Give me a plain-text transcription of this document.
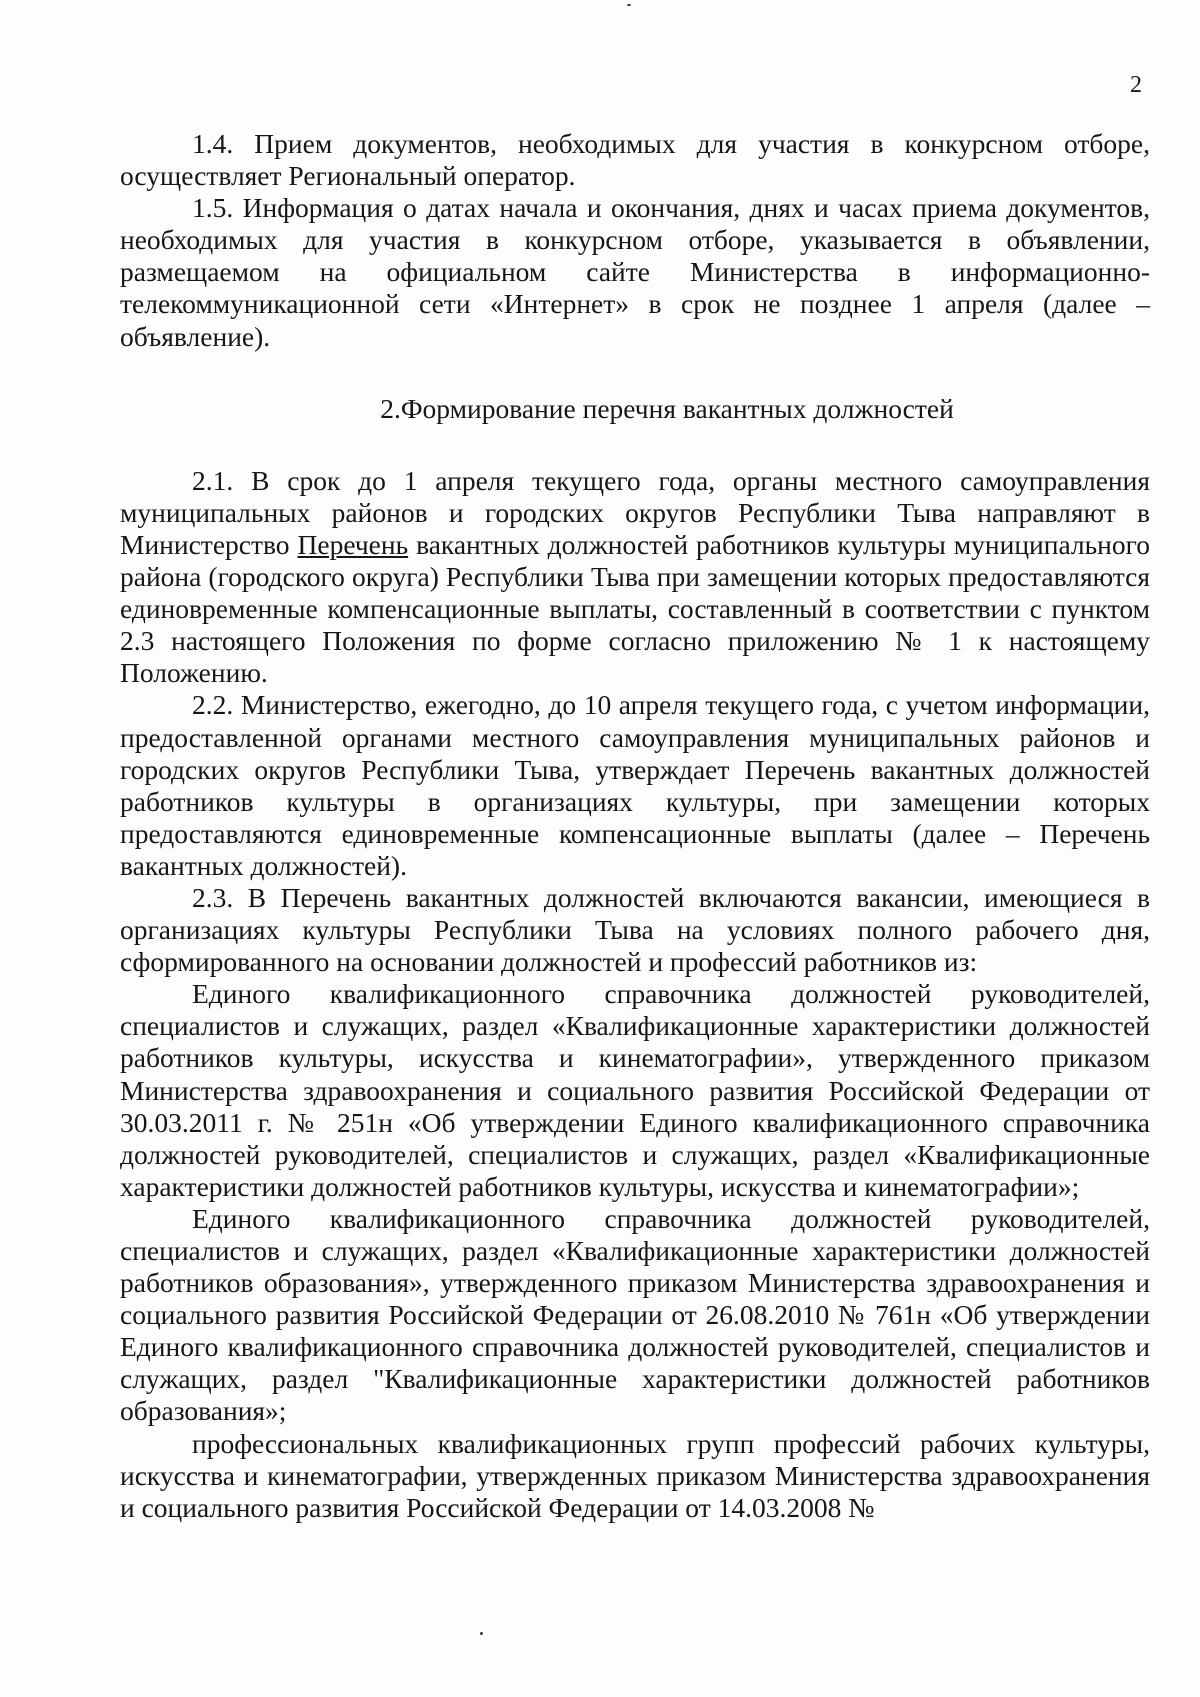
2

1.4. Прием документов, необходимых для участия в конкурсном отборе, осуществляет Региональный оператор.

1.5. Информация о датах начала и окончания, днях и часах приема документов, необходимых для участия в конкурсном отборе, указывается в объявлении, размещаемом на официальном сайте Министерства в информационно-телекоммуникационной сети «Интернет» в срок не позднее 1 апреля (далее – объявление).

2.Формирование перечня вакантных должностей

2.1. В срок до 1 апреля текущего года, органы местного самоуправления муниципальных районов и городских округов Республики Тыва направляют в Министерство Перечень вакантных должностей работников культуры муниципального района (городского округа) Республики Тыва при замещении которых предоставляются единовременные компенсационные выплаты, составленный в соответствии с пунктом 2.3 настоящего Положения по форме согласно приложению № 1 к настоящему Положению.

2.2. Министерство, ежегодно, до 10 апреля текущего года, с учетом информации, предоставленной органами местного самоуправления муниципальных районов и городских округов Республики Тыва, утверждает Перечень вакантных должностей работников культуры в организациях культуры, при замещении которых предоставляются единовременные компенсационные выплаты (далее – Перечень вакантных должностей).

2.3. В Перечень вакантных должностей включаются вакансии, имеющиеся в организациях культуры Республики Тыва на условиях полного рабочего дня, сформированного на основании должностей и профессий работников из:

Единого квалификационного справочника должностей руководителей, специалистов и служащих, раздел «Квалификационные характеристики должностей работников культуры, искусства и кинематографии», утвержденного приказом Министерства здравоохранения и социального развития Российской Федерации от 30.03.2011 г. № 251н «Об утверждении Единого квалификационного справочника должностей руководителей, специалистов и служащих, раздел «Квалификационные характеристики должностей работников культуры, искусства и кинематографии»;

Единого квалификационного справочника должностей руководителей, специалистов и служащих, раздел «Квалификационные характеристики должностей работников образования», утвержденного приказом Министерства здравоохранения и социального развития Российской Федерации от 26.08.2010 № 761н «Об утверждении Единого квалификационного справочника должностей руководителей, специалистов и служащих, раздел "Квалификационные характеристики должностей работников образования»;

профессиональных квалификационных групп профессий рабочих культуры, искусства и кинематографии, утвержденных приказом Министерства здравоохранения и социального развития Российской Федерации от 14.03.2008 №
